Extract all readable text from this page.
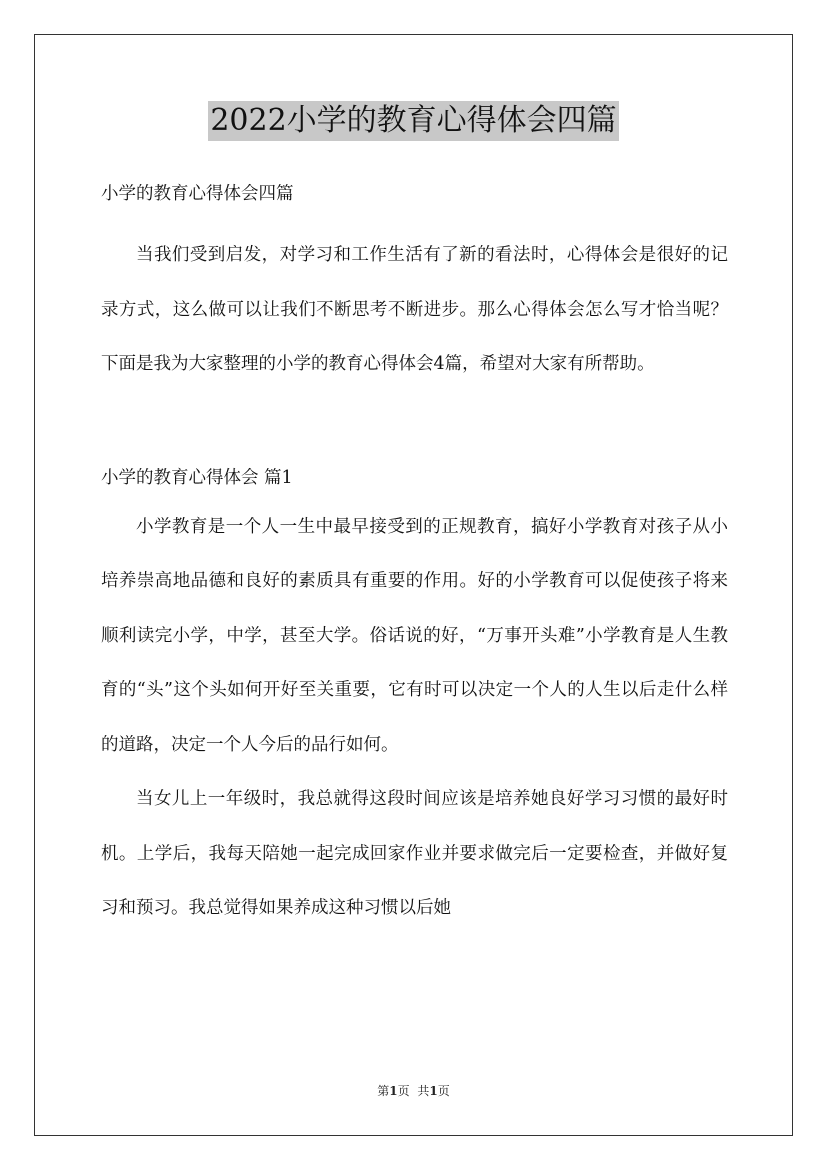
2022小学的教育心得体会四篇

小学的教育心得体会四篇

当我们受到启发，对学习和工作生活有了新的看法时，心得体会是很好的记录方式，这么做可以让我们不断思考不断进步。那么心得体会怎么写才恰当呢？下面是我为大家整理的小学的教育心得体会4篇，希望对大家有所帮助。

小学的教育心得体会 篇1

小学教育是一个人一生中最早接受到的正规教育，搞好小学教育对孩子从小培养崇高地品德和良好的素质具有重要的作用。好的小学教育可以促使孩子将来顺利读完小学，中学，甚至大学。俗话说的好，“万事开头难”小学教育是人生教育的“头”这个头如何开好至关重要，它有时可以决定一个人的人生以后走什么样的道路，决定一个人今后的品行如何。

当女儿上一年级时，我总就得这段时间应该是培养她良好学习习惯的最好时机。上学后，我每天陪她一起完成回家作业并要求做完后一定要检查，并做好复习和预习。我总觉得如果养成这种习惯以后她

第1页 共1页
